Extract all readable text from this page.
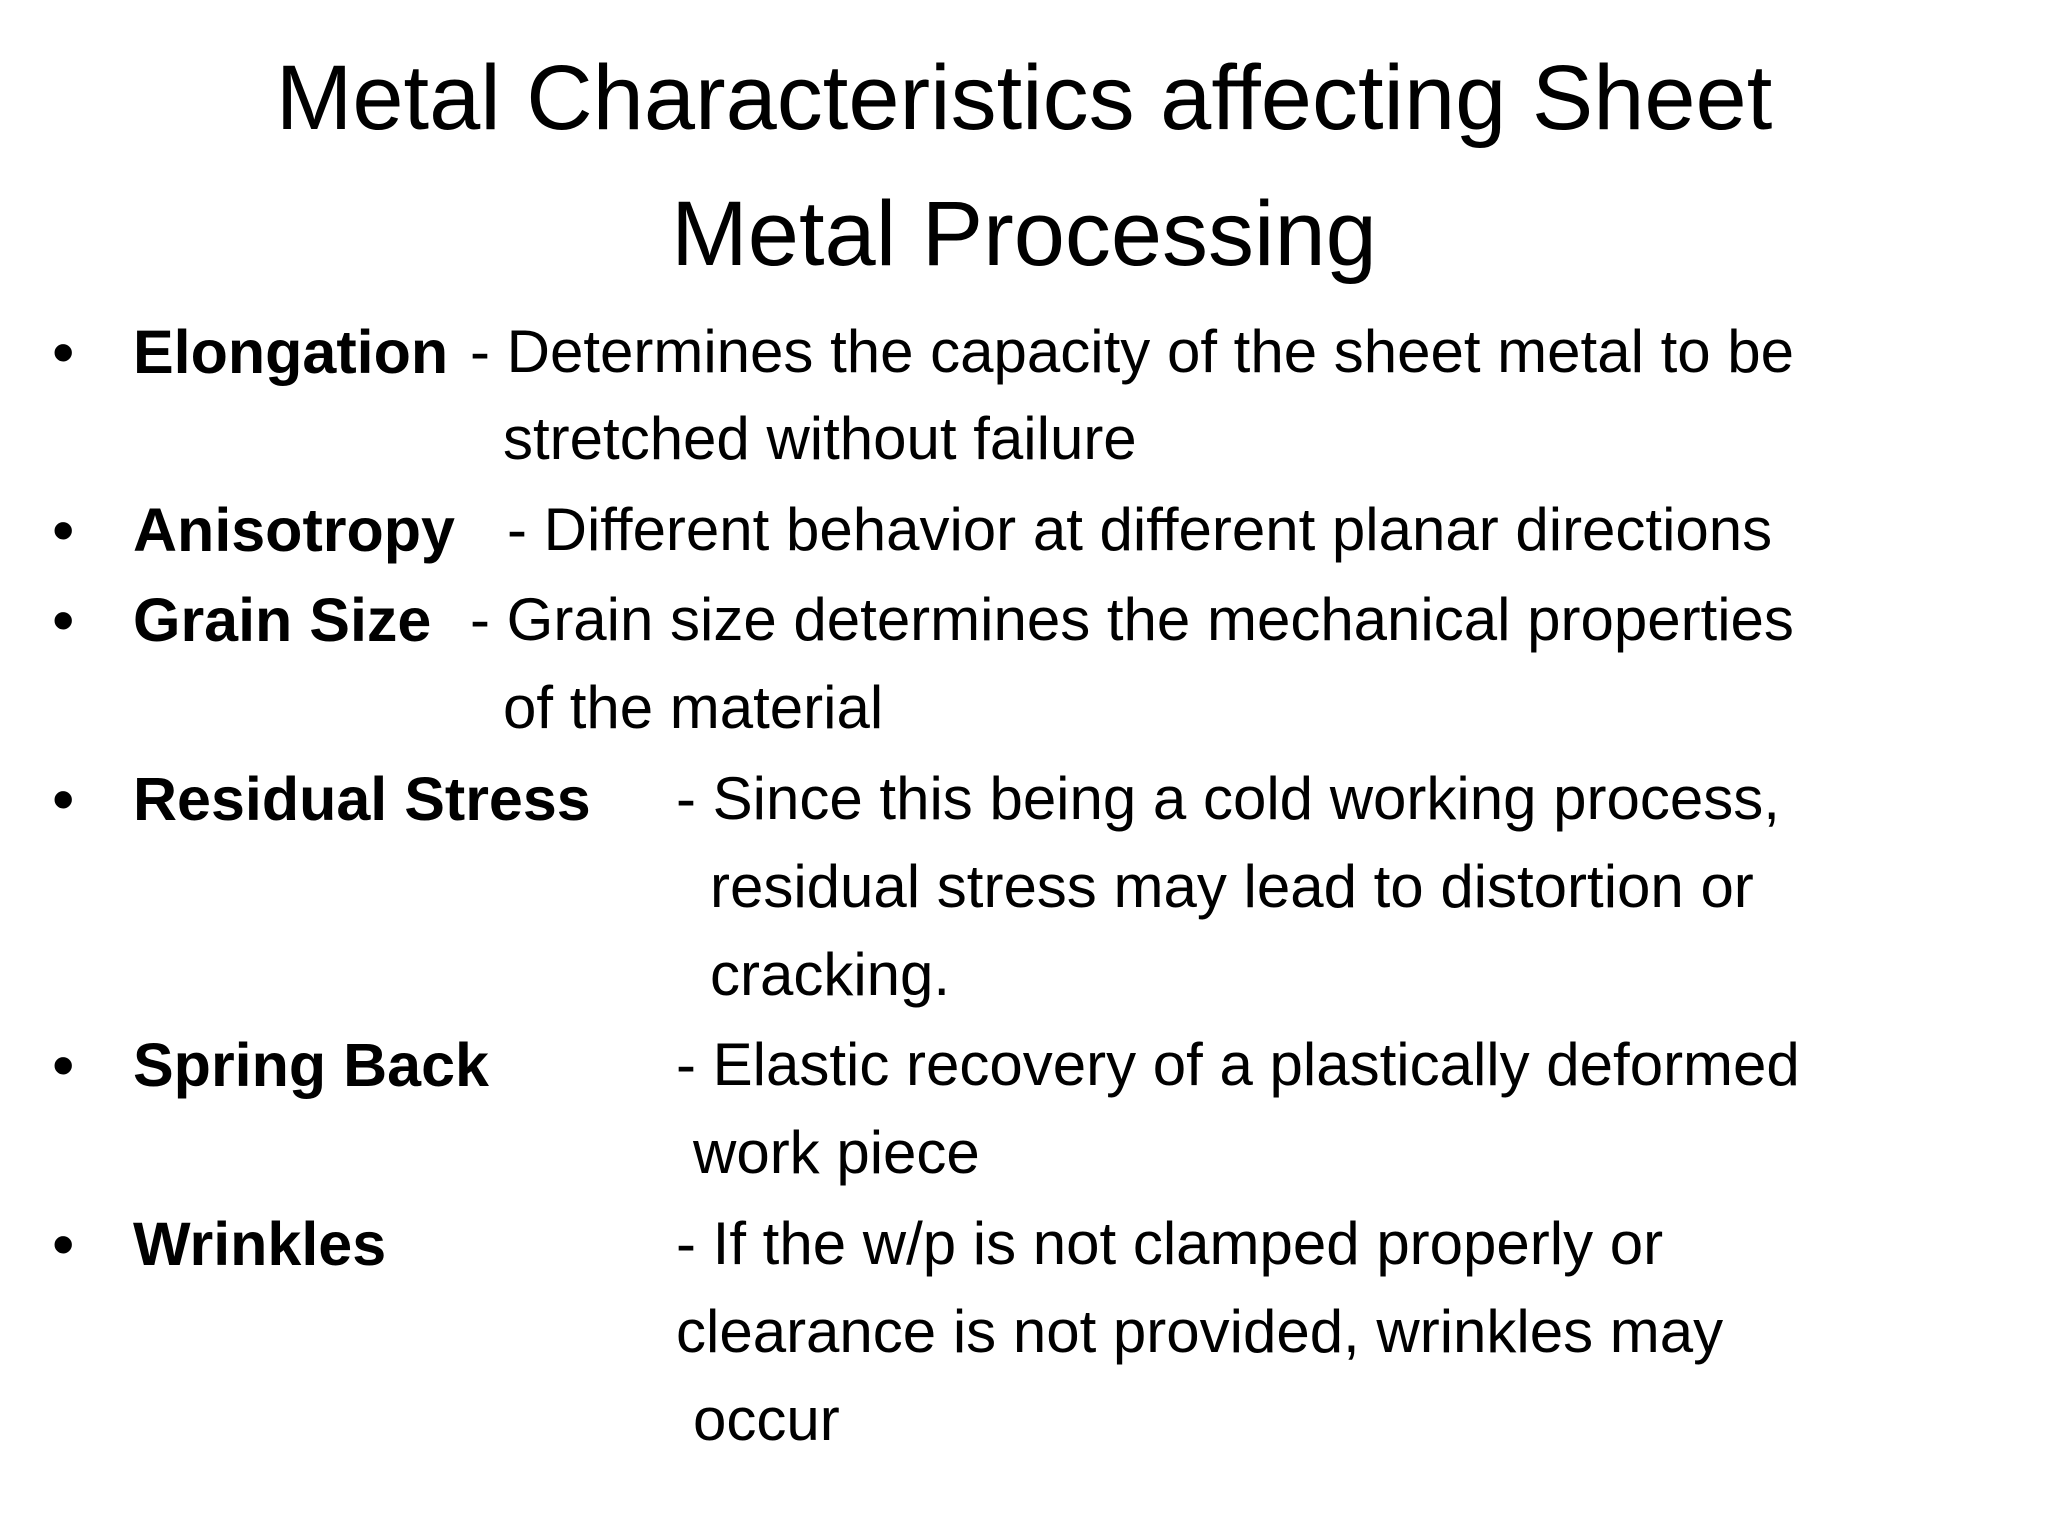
Metal Characteristics affecting Sheet
Metal Processing
• Elongation - Determines the capacity of the sheet metal to be
stretched without failure
• Anisotropy - Different behavior at different planar directions
• Grain Size - Grain size determines the mechanical properties
of the material
• Residual Stress - Since this being a cold working process,
residual stress may lead to distortion or
cracking.
• Spring Back	- Elastic recovery of a plastically deformed
work piece
• Wrinkles	- If the w/p is not clamped properly or
clearance is not provided, wrinkles may
occur
